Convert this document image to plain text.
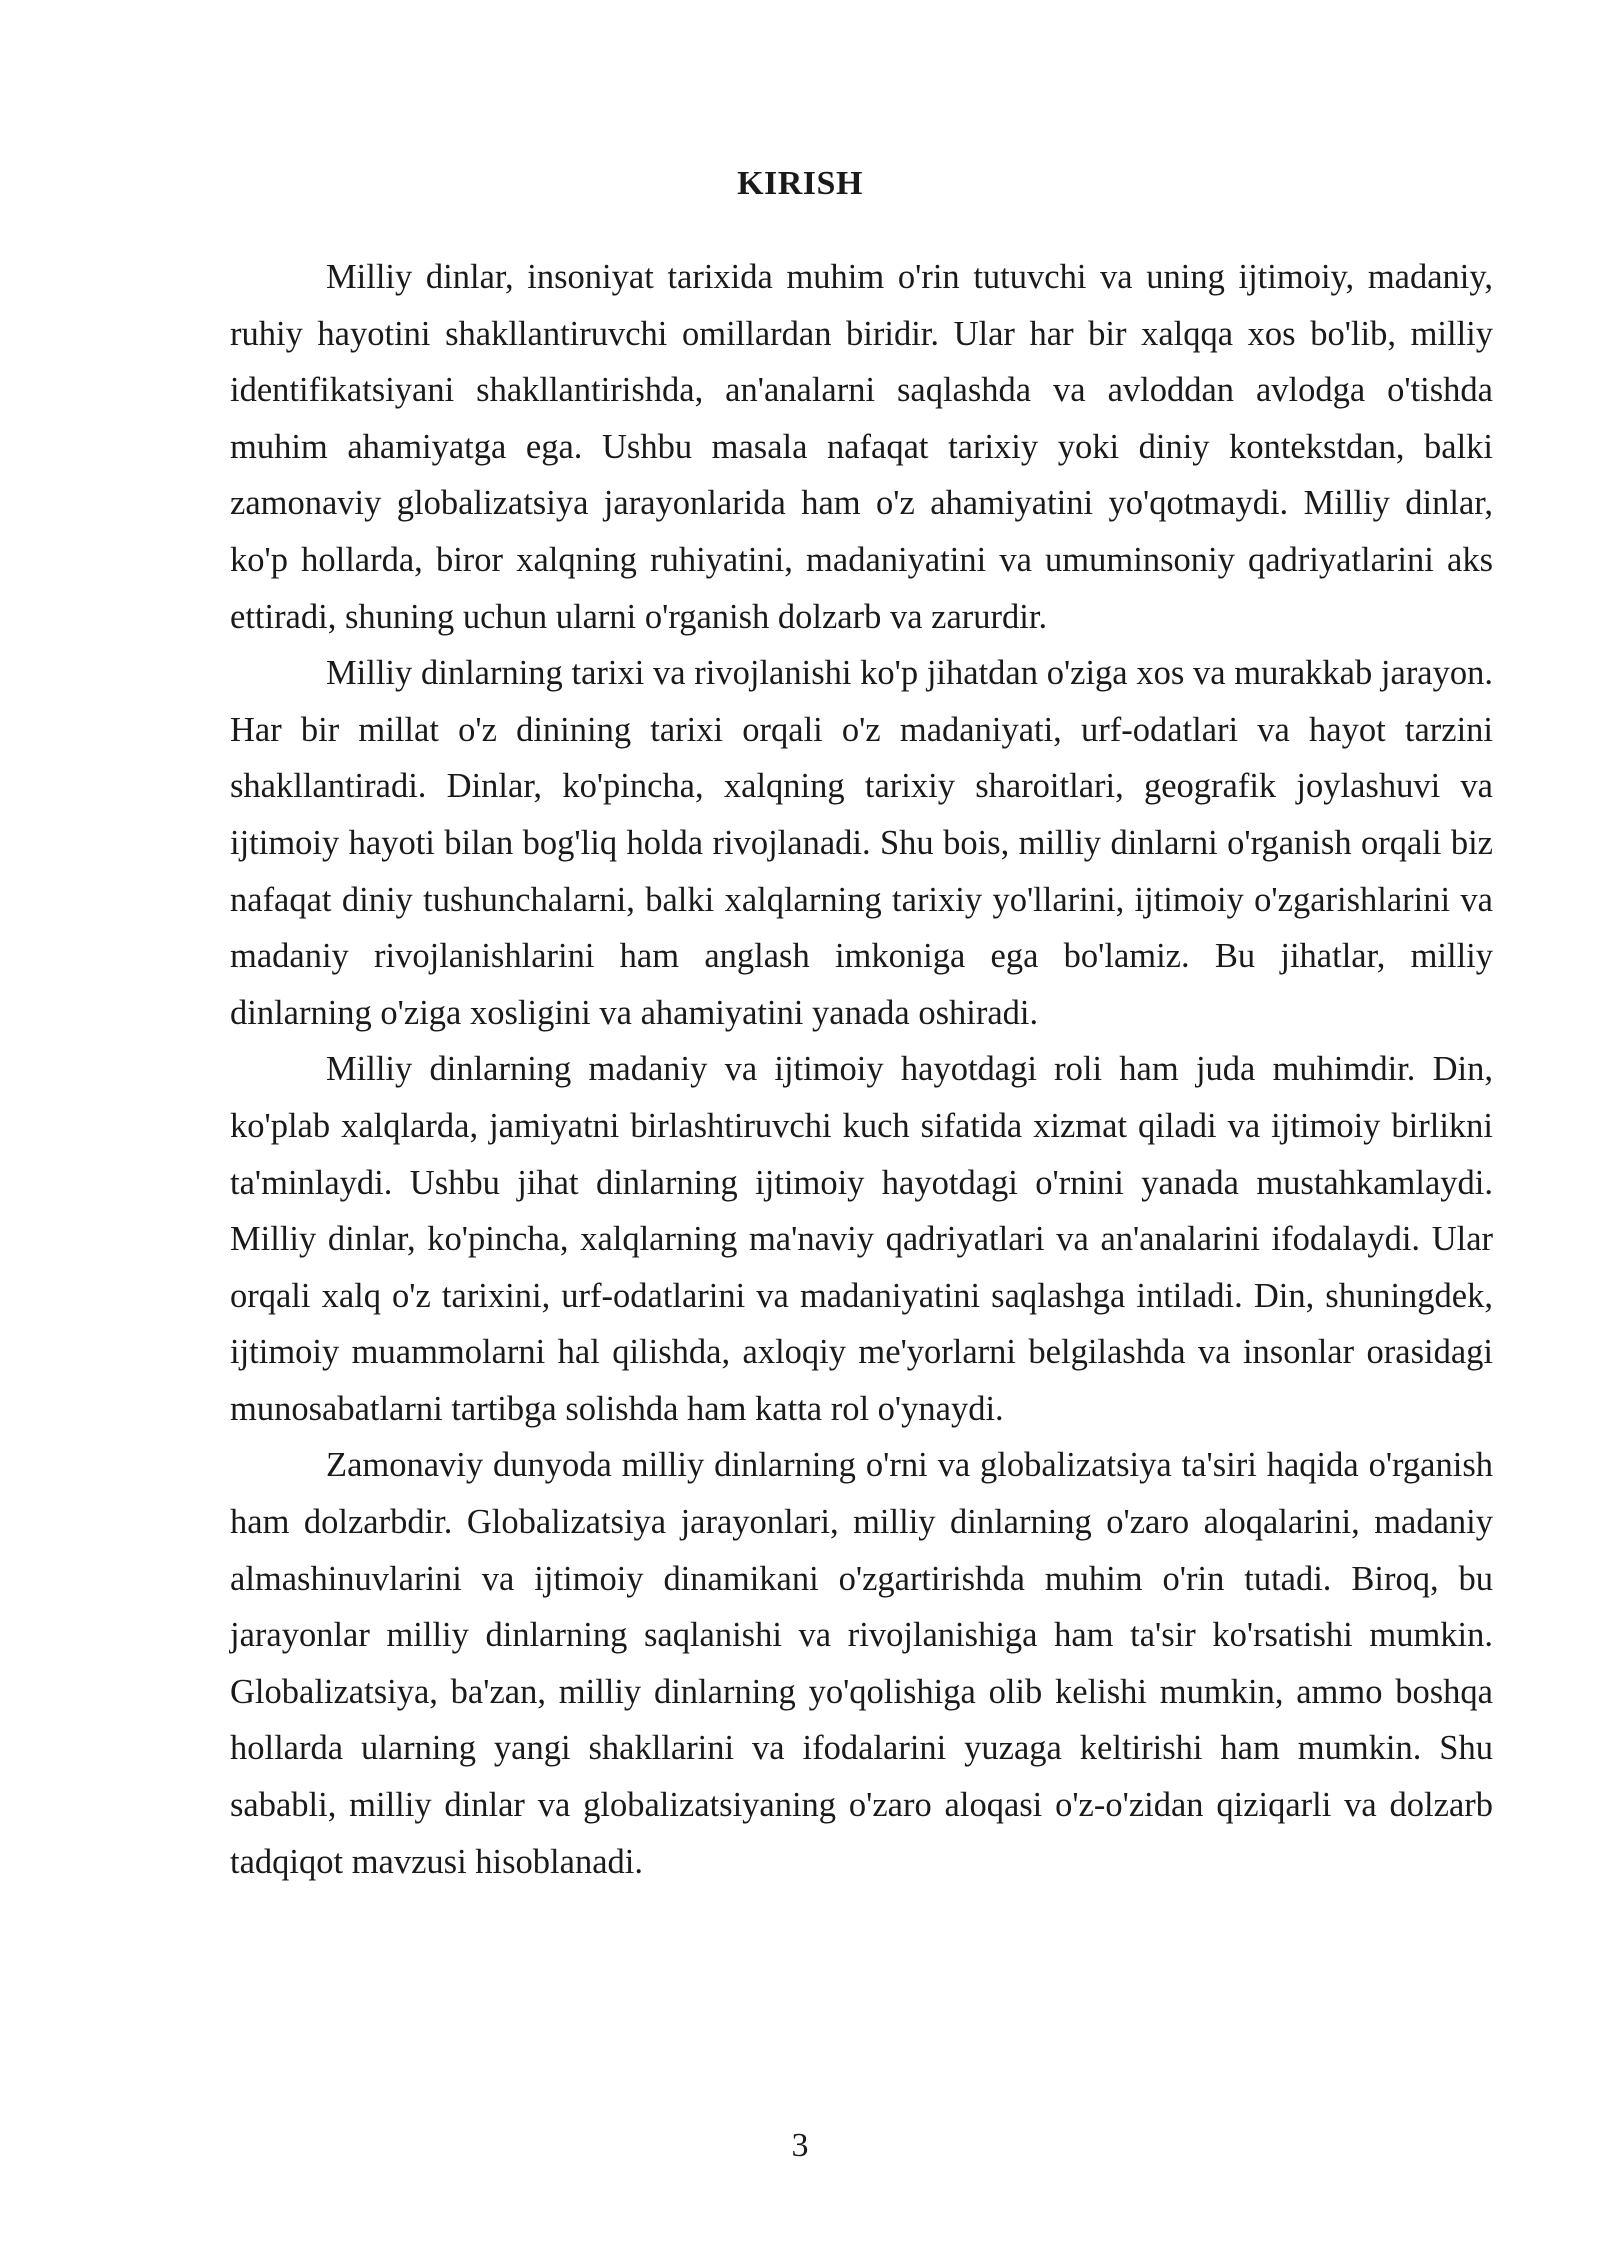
KIRISH

Milliy dinlar, insoniyat tarixida muhim o'rin tutuvchi va uning ijtimoiy, madaniy, ruhiy hayotini shakllantiruvchi omillardan biridir. Ular har bir xalqqa xos bo'lib, milliy identifikatsiyani shakllantirishda, an'analarni saqlashda va avloddan avlodga o'tishda muhim ahamiyatga ega. Ushbu masala nafaqat tarixiy yoki diniy kontekstdan, balki zamonaviy globalizatsiya jarayonlarida ham o'z ahamiyatini yo'qotmaydi. Milliy dinlar, ko'p hollarda, biror xalqning ruhiyatini, madaniyatini va umuminsoniy qadriyatlarini aks ettiradi, shuning uchun ularni o'rganish dolzarb va zarurdir.

Milliy dinlarning tarixi va rivojlanishi ko'p jihatdan o'ziga xos va murakkab jarayon. Har bir millat o'z dinining tarixi orqali o'z madaniyati, urf-odatlari va hayot tarzini shakllantiradi. Dinlar, ko'pincha, xalqning tarixiy sharoitlari, geografik joylashuvi va ijtimoiy hayoti bilan bog'liq holda rivojlanadi. Shu bois, milliy dinlarni o'rganish orqali biz nafaqat diniy tushunchalarni, balki xalqlarning tarixiy yo'llarini, ijtimoiy o'zgarishlarini va madaniy rivojlanishlarini ham anglash imkoniga ega bo'lamiz. Bu jihatlar, milliy dinlarning o'ziga xosligini va ahamiyatini yanada oshiradi.

Milliy dinlarning madaniy va ijtimoiy hayotdagi roli ham juda muhimdir. Din, ko'plab xalqlarda, jamiyatni birlashtiruvchi kuch sifatida xizmat qiladi va ijtimoiy birlikni ta'minlaydi. Ushbu jihat dinlarning ijtimoiy hayotdagi o'rnini yanada mustahkamlaydi. Milliy dinlar, ko'pincha, xalqlarning ma'naviy qadriyatlari va an'analarini ifodalaydi. Ular orqali xalq o'z tarixini, urf-odatlarini va madaniyatini saqlashga intiladi. Din, shuningdek, ijtimoiy muammolarni hal qilishda, axloqiy me'yorlarni belgilashda va insonlar orasidagi munosabatlarni tartibga solishda ham katta rol o'ynaydi.

Zamonaviy dunyoda milliy dinlarning o'rni va globalizatsiya ta'siri haqida o'rganish ham dolzarbdir. Globalizatsiya jarayonlari, milliy dinlarning o'zaro aloqalarini, madaniy almashinuvlarini va ijtimoiy dinamikani o'zgartirishda muhim o'rin tutadi. Biroq, bu jarayonlar milliy dinlarning saqlanishi va rivojlanishiga ham ta'sir ko'rsatishi mumkin. Globalizatsiya, ba'zan, milliy dinlarning yo'qolishiga olib kelishi mumkin, ammo boshqa hollarda ularning yangi shakllarini va ifodalarini yuzaga keltirishi ham mumkin. Shu sababli, milliy dinlar va globalizatsiyaning o'zaro aloqasi o'z-o'zidan qiziqarli va dolzarb tadqiqot mavzusi hisoblanadi.

3
